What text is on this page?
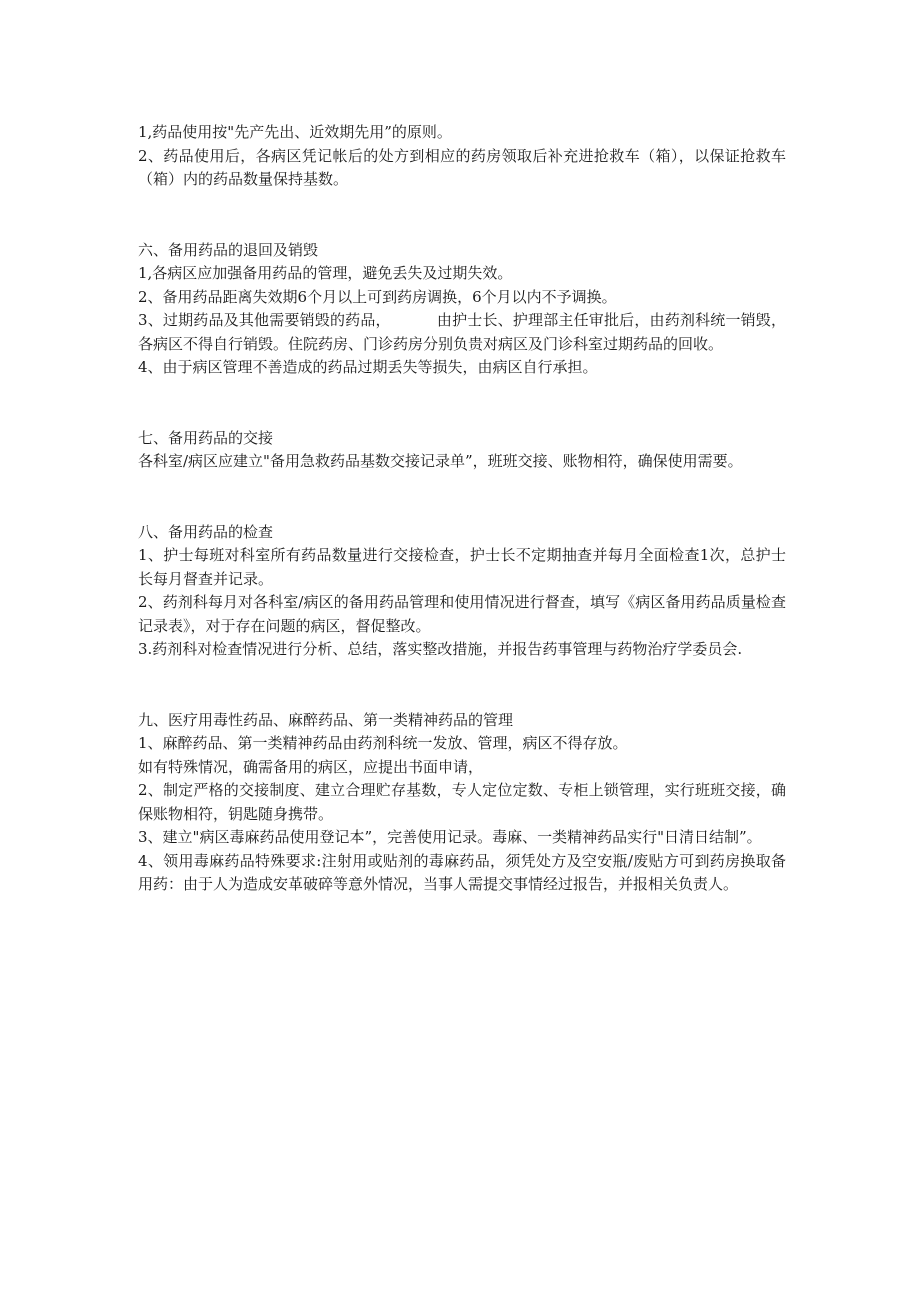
1,药品使用按"先产先出、近效期先用”的原则。

2、药品使用后，各病区凭记帐后的处方到相应的药房领取后补充进抢救车（箱），以保证抢救车（箱）内的药品数量保持基数。

六、备用药品的退回及销毁

1,各病区应加强备用药品的管理，避免丢失及过期失效。

2、备用药品距离失效期6个月以上可到药房调换，6个月以内不予调换。

3、过期药品及其他需要销毁的药品，	由护士长、护理部主任审批后，由药剂科统一销毁，各病区不得自行销毁。住院药房、门诊药房分别负贵对病区及门诊科室过期药品的回收。

4、由于病区管理不善造成的药品过期丢失等损失，由病区自行承担。

七、备用药品的交接

各科室/病区应建立"备用急救药品基数交接记录单”，班班交接、账物相符，确保使用需要。

八、备用药品的检查

1、护士每班对科室所有药品数量进行交接检查，护士长不定期抽查并每月全面检查1次，总护士长每月督查并记录。

2、药剂科每月对各科室/病区的备用药品管理和使用情况进行督查，填写《病区备用药品质量检查记录表》，对于存在问题的病区，督促整改。

3.药剂科对检查情况进行分析、总结，落实整改措施，并报告药事管理与药物治疗学委员会.

九、医疗用毒性药品、麻醉药品、第一类精神药品的管理

1、麻醉药品、第一类精神药品由药剂科统一发放、管理，病区不得存放。

如有特殊情况，确需备用的病区，应提出书面申请，

2、制定严格的交接制度、建立合理贮存基数，专人定位定数、专柜上锁管理，实行班班交接，确保账物相符，钥匙随身携带。

3、建立"病区毒麻药品使用登记本”，完善使用记录。毒麻、一类精神药品实行"日清日结制”。

4、领用毒麻药品特殊要求:注射用或贴剂的毒麻药品，须凭处方及空安瓶/废贴方可到药房换取备用药：由于人为造成安革破碎等意外情况，当事人需提交事情经过报告，并报相关负责人。
